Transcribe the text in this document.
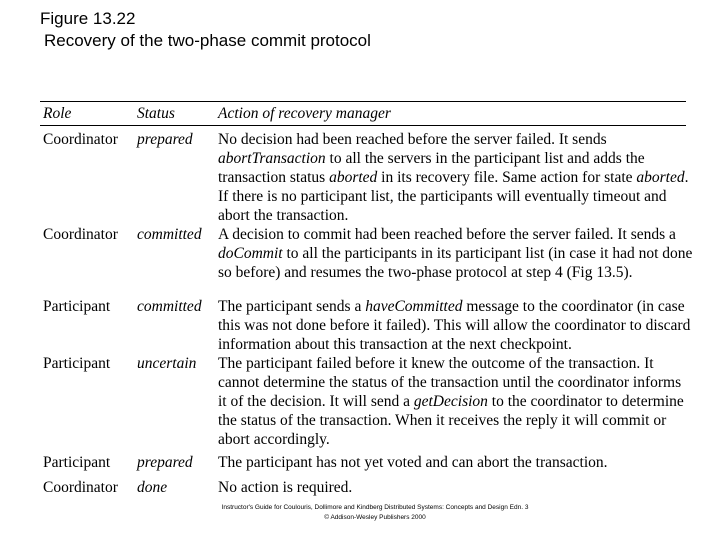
Figure 13.22
Recovery of the two-phase commit protocol
Role	Status	Action of recovery manager
Coordinator	prepared	No decision had been reached before the server failed. It sends abortTransaction to all the servers in the participant list and adds the transaction status aborted in its recovery file. Same action for state aborted. If there is no participant list, the participants will eventually timeout and abort the transaction.
Coordinator	committed	A decision to commit had been reached before the server failed. It sends a doCommit to all the participants in its participant list (in case it had not done so before) and resumes the two-phase protocol at step 4 (Fig 13.5).
Participant	committed	The participant sends a haveCommitted message to the coordinator (in case this was not done before it failed). This will allow the coordinator to discard information about this transaction at the next checkpoint.
Participant	uncertain	The participant failed before it knew the outcome of the transaction. It cannot determine the status of the transaction until the coordinator informs it of the decision. It will send a getDecision to the coordinator to determine the status of the transaction. When it receives the reply it will commit or abort accordingly.
Participant	prepared	The participant has not yet voted and can abort the transaction.
Coordinator	done	No action is required.
Instructor's Guide for Coulouris, Dollimore and Kindberg Distributed Systems: Concepts and Design Edn. 3
© Addison-Wesley Publishers 2000
